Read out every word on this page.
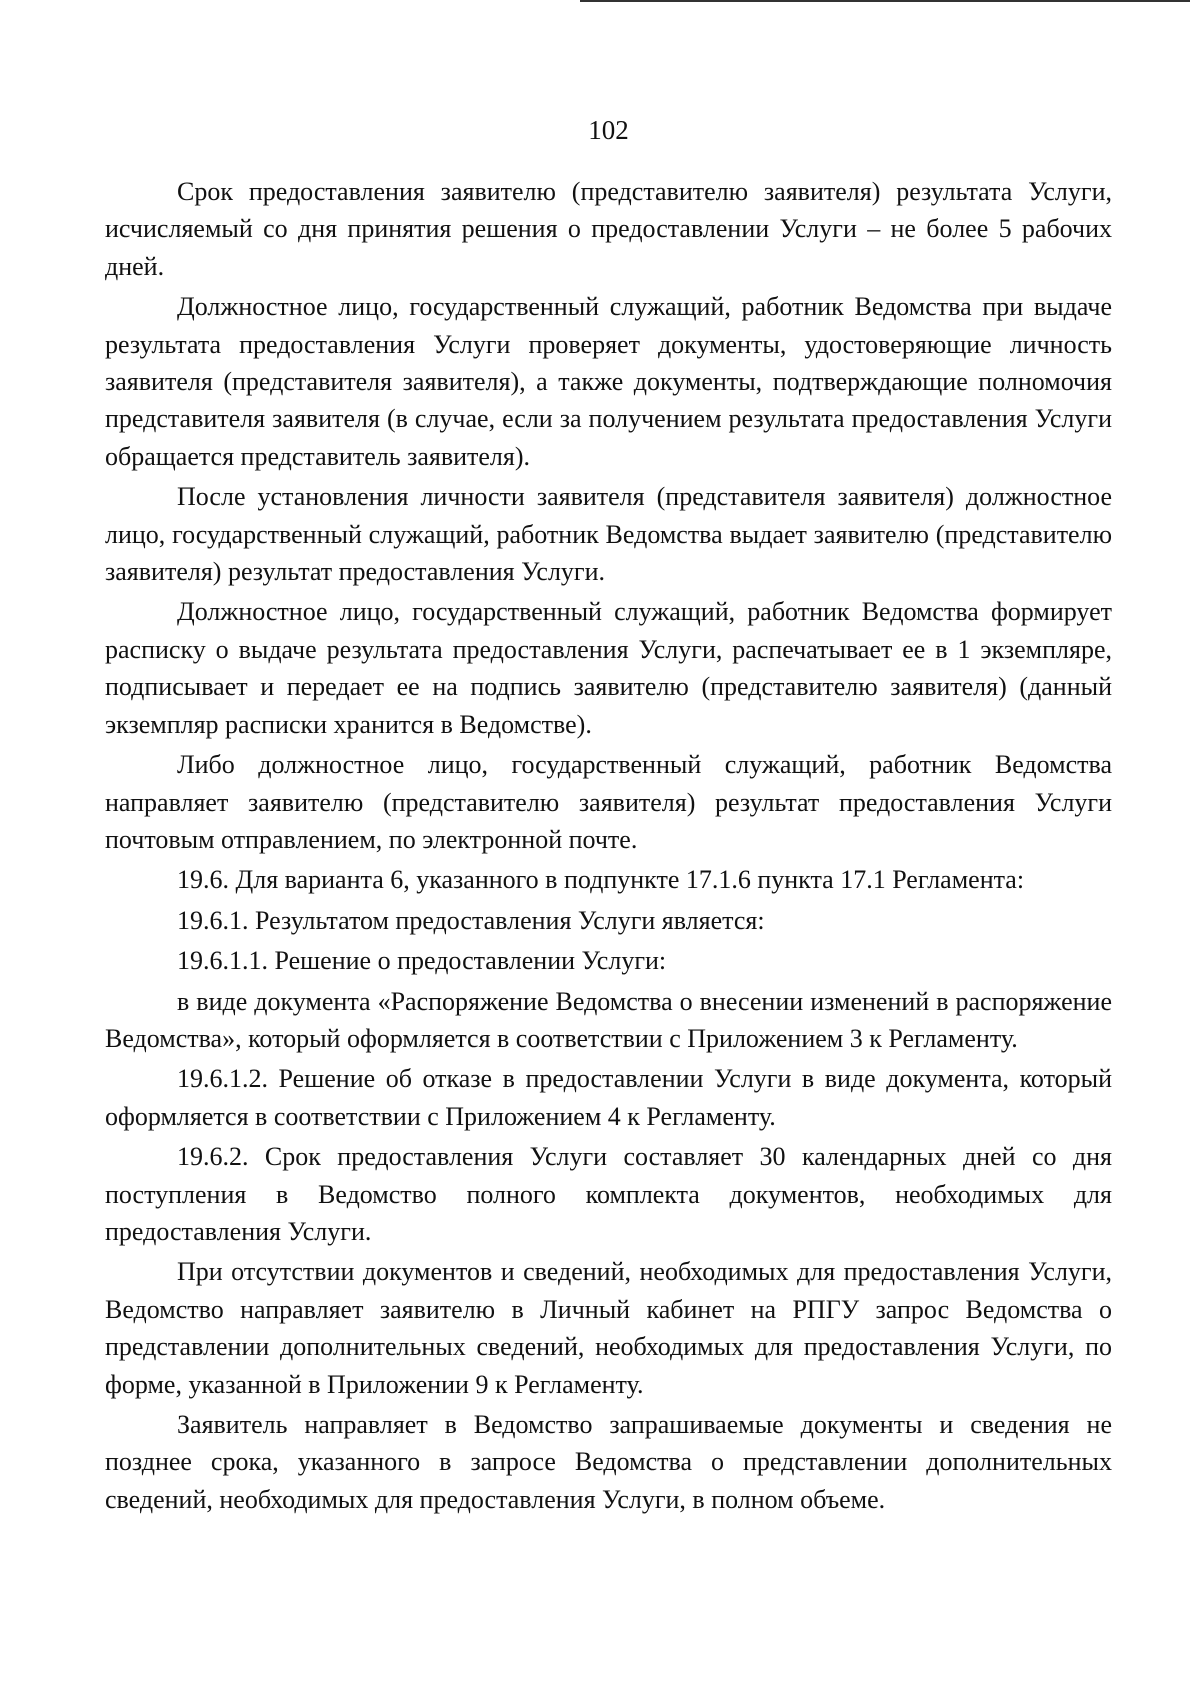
102

Срок предоставления заявителю (представителю заявителя) результата Услуги, исчисляемый со дня принятия решения о предоставлении Услуги – не более 5 рабочих дней.

Должностное лицо, государственный служащий, работник Ведомства при выдаче результата предоставления Услуги проверяет документы, удостоверяющие личность заявителя (представителя заявителя), а также документы, подтверждающие полномочия представителя заявителя (в случае, если за получением результата предоставления Услуги обращается представитель заявителя).

После установления личности заявителя (представителя заявителя) должностное лицо, государственный служащий, работник Ведомства выдает заявителю (представителю заявителя) результат предоставления Услуги.

Должностное лицо, государственный служащий, работник Ведомства формирует расписку о выдаче результата предоставления Услуги, распечатывает ее в 1 экземпляре, подписывает и передает ее на подпись заявителю (представителю заявителя) (данный экземпляр расписки хранится в Ведомстве).

Либо должностное лицо, государственный служащий, работник Ведомства направляет заявителю (представителю заявителя) результат предоставления Услуги почтовым отправлением, по электронной почте.

19.6. Для варианта 6, указанного в подпункте 17.1.6 пункта 17.1 Регламента:

19.6.1. Результатом предоставления Услуги является:

19.6.1.1. Решение о предоставлении Услуги:

в виде документа «Распоряжение Ведомства о внесении изменений в распоряжение Ведомства», который оформляется в соответствии с Приложением 3 к Регламенту.

19.6.1.2. Решение об отказе в предоставлении Услуги в виде документа, который оформляется в соответствии с Приложением 4 к Регламенту.

19.6.2. Срок предоставления Услуги составляет 30 календарных дней со дня поступления в Ведомство полного комплекта документов, необходимых для предоставления Услуги.

При отсутствии документов и сведений, необходимых для предоставления Услуги, Ведомство направляет заявителю в Личный кабинет на РПГУ запрос Ведомства о представлении дополнительных сведений, необходимых для предоставления Услуги, по форме, указанной в Приложении 9 к Регламенту.

Заявитель направляет в Ведомство запрашиваемые документы и сведения не позднее срока, указанного в запросе Ведомства о представлении дополнительных сведений, необходимых для предоставления Услуги, в полном объеме.
